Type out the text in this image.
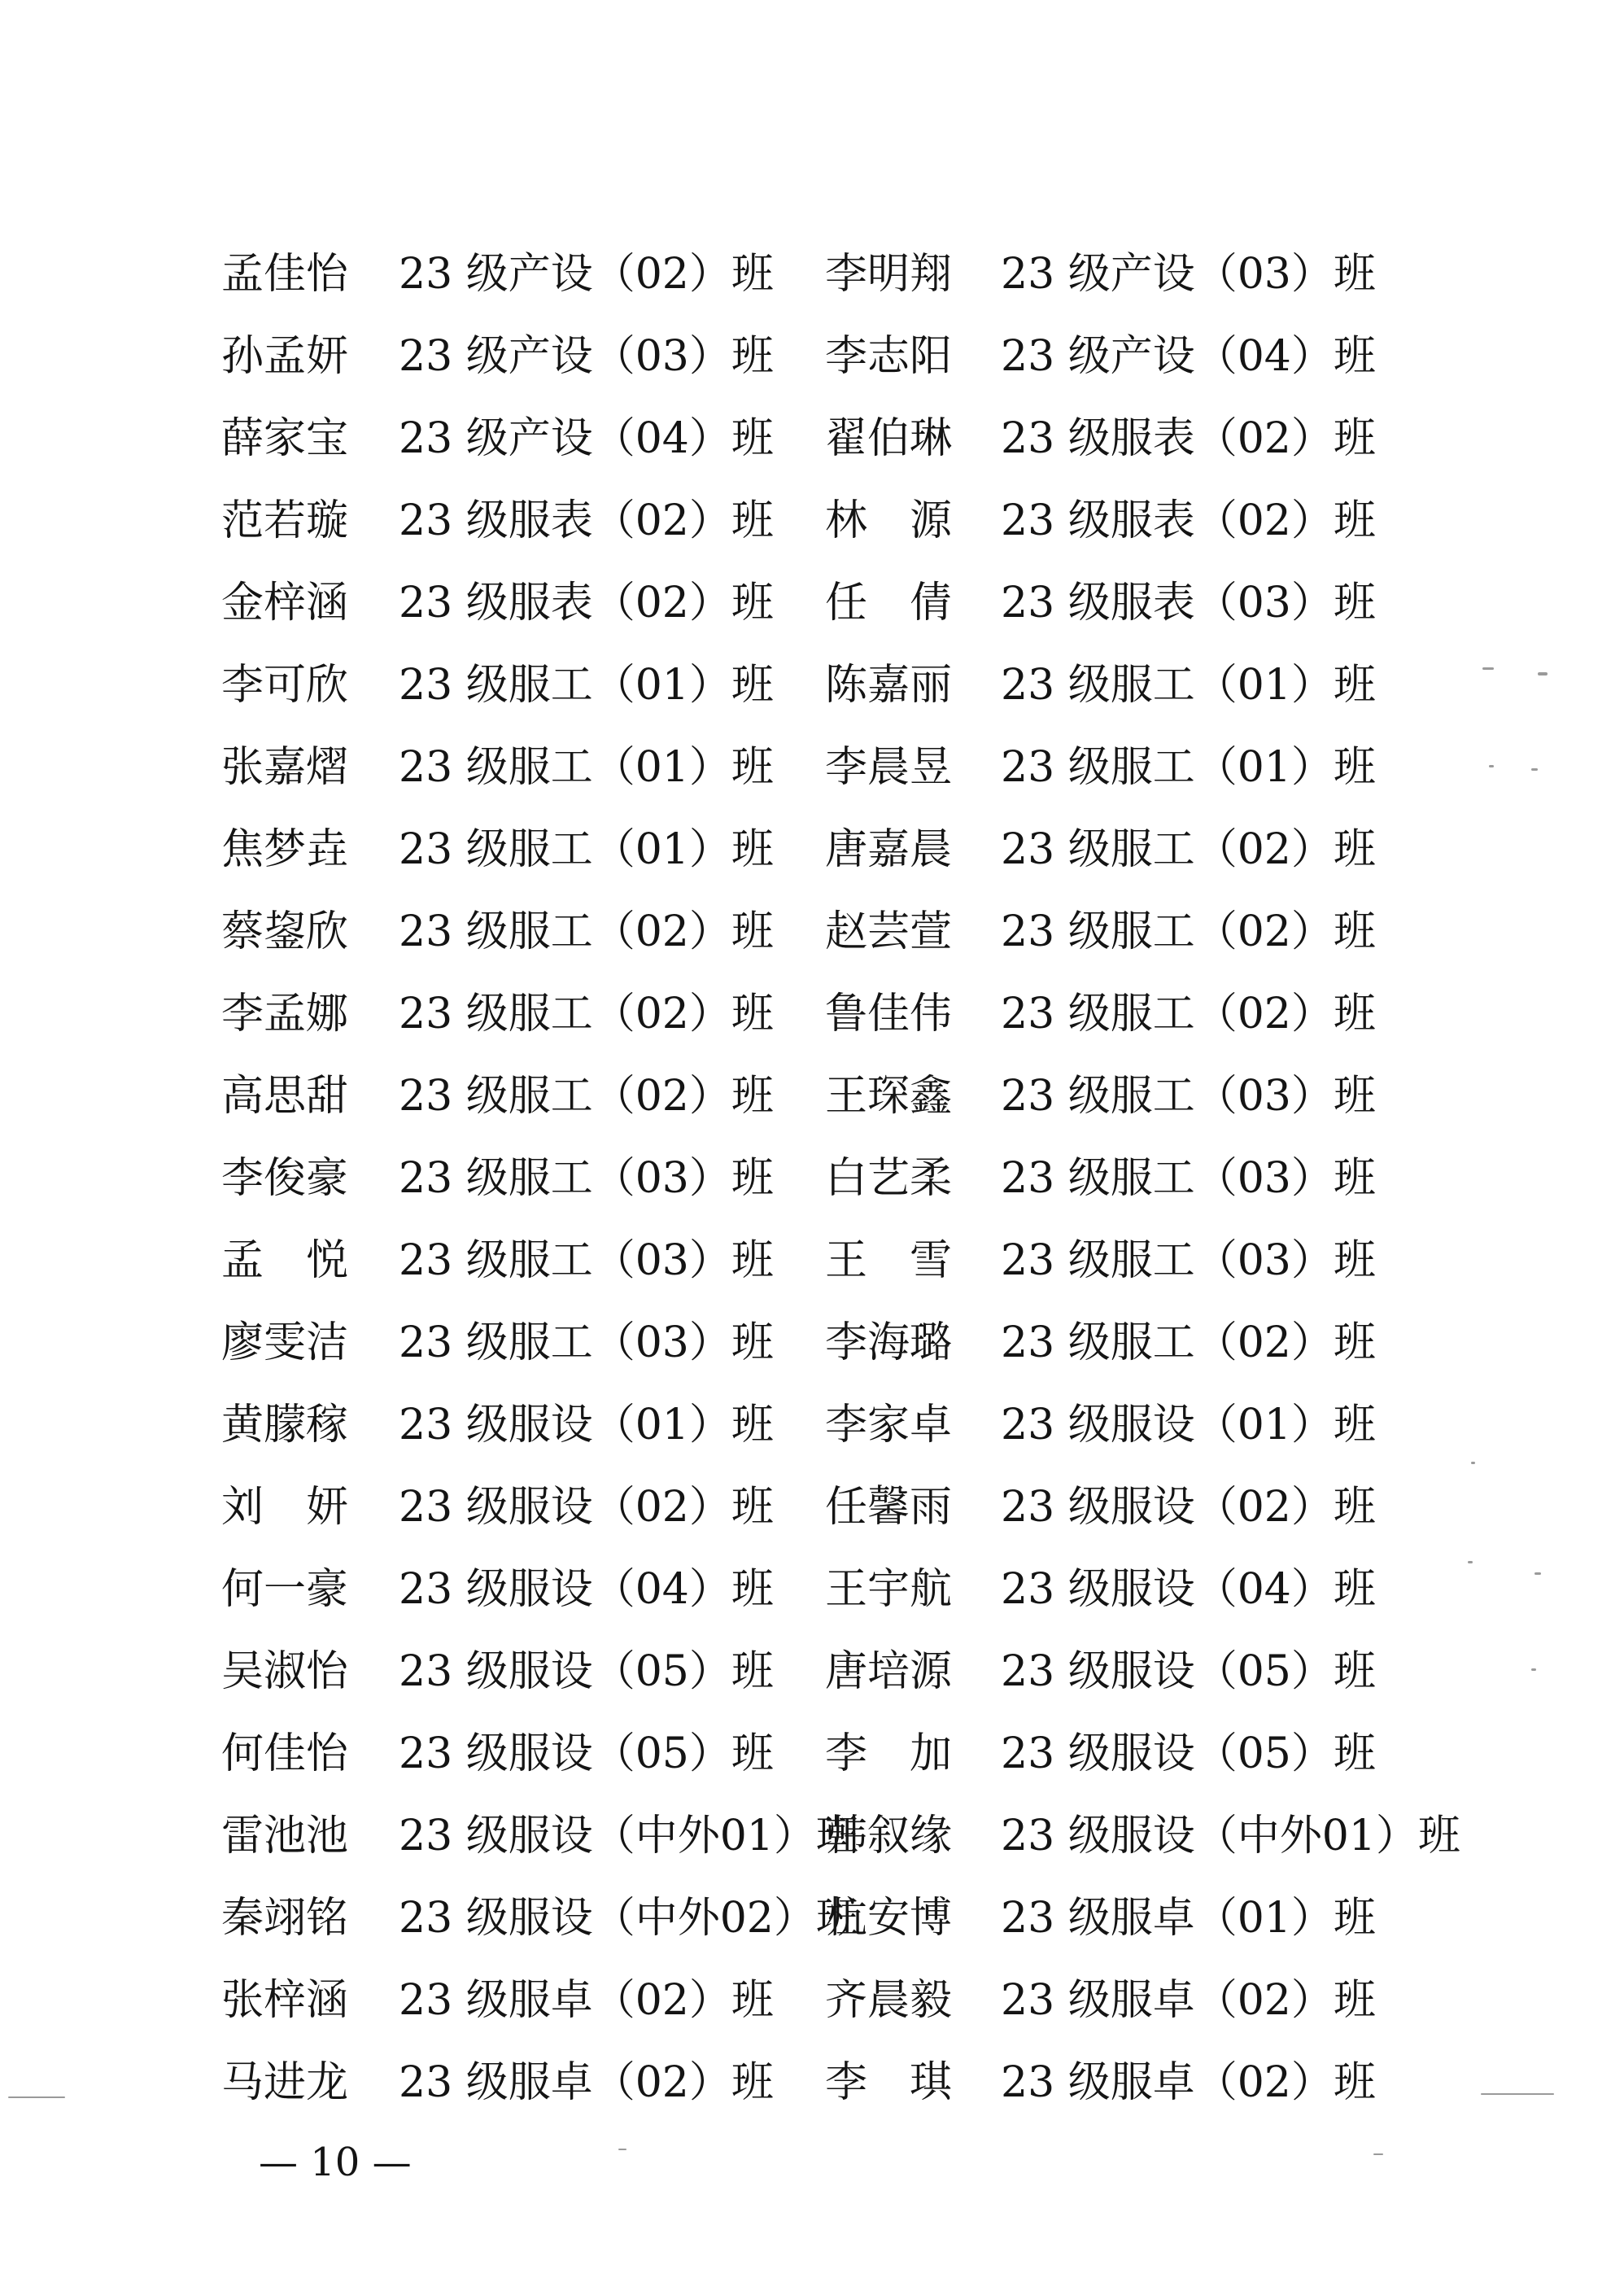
孟佳怡 23 级产设（02）班 李明翔 23 级产设（03）班
孙孟妍 23 级产设（03）班 李志阳 23 级产设（04）班
薛家宝 23 级产设（04）班 翟伯琳 23 级服表（02）班
范若璇 23 级服表（02）班 林　源 23 级服表（02）班
金梓涵 23 级服表（02）班 任　倩 23 级服表（03）班
李可欣 23 级服工（01）班 陈嘉丽 23 级服工（01）班
张嘉熠 23 级服工（01）班 李晨昱 23 级服工（01）班
焦梦垚 23 级服工（01）班 唐嘉晨 23 级服工（02）班
蔡鋆欣 23 级服工（02）班 赵芸萱 23 级服工（02）班
李孟娜 23 级服工（02）班 鲁佳伟 23 级服工（02）班
高思甜 23 级服工（02）班 王琛鑫 23 级服工（03）班
李俊豪 23 级服工（03）班 白艺柔 23 级服工（03）班
孟　悦 23 级服工（03）班 王　雪 23 级服工（03）班
廖雯洁 23 级服工（03）班 李海璐 23 级服工（02）班
黄朦稼 23 级服设（01）班 李家卓 23 级服设（01）班
刘　妍 23 级服设（02）班 任馨雨 23 级服设（02）班
何一豪 23 级服设（04）班 王宇航 23 级服设（04）班
吴淑怡 23 级服设（05）班 唐培源 23 级服设（05）班
何佳怡 23 级服设（05）班 李　加 23 级服设（05）班
雷池池 23 级服设（中外01）班
韩叙缘 23 级服设（中外01）班
秦翊铭 23 级服设（中外02）班
杭安博 23 级服卓（01）班
张梓涵 23 级服卓（02）班 齐晨毅 23 级服卓（02）班
马进龙 23 级服卓（02）班 李　琪 23 级服卓（02）班
— 10 —
